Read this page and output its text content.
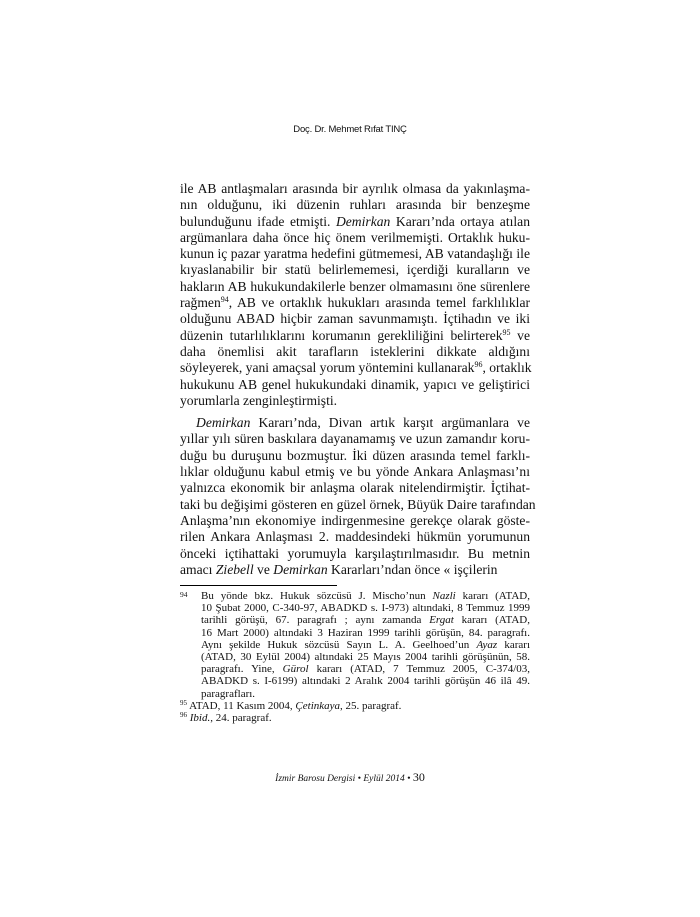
Doç. Dr. Mehmet Rıfat TINÇ
ile AB antlaşmaları arasında bir ayrılık olmasa da yakınlaşma-
nın olduğunu, iki düzenin ruhları arasında bir benzeşme
bulunduğunu ifade etmişti. Demirkan Kararı’nda ortaya atılan
argümanlara daha önce hiç önem verilmemişti. Ortaklık huku-
kunun iç pazar yaratma hedefini gütmemesi, AB vatandaşlığı ile
kıyaslanabilir bir statü belirlememesi, içerdiği kuralların ve
hakların AB hukukundakilerle benzer olmamasını öne sürenlere
rağmen$^{94}$, AB ve ortaklık hukukları arasında temel farklılıklar
olduğunu ABAD hiçbir zaman savunmamıştı. İçtihadın ve iki
düzenin tutarlılıklarını korumanın gerekliliğini belirterek$^{95}$ ve
daha önemlisi akit tarafların isteklerini dikkate aldığını
söyleyerek, yani amaçsal yorum yöntemini kullanarak$^{96}$, ortaklık
hukukunu AB genel hukukundaki dinamik, yapıcı ve geliştirici
yorumlarla zenginleştirmişti.
Demirkan Kararı’nda, Divan artık karşıt argümanlara ve
yıllar yılı süren baskılara dayanamamış ve uzun zamandır koru-
duğu bu duruşunu bozmuştur. İki düzen arasında temel farklı-
lıklar olduğunu kabul etmiş ve bu yönde Ankara Anlaşması’nı
yalnızca ekonomik bir anlaşma olarak nitelendirmiştir. İçtihat-
taki bu değişimi gösteren en güzel örnek, Büyük Daire tarafından
Anlaşma’nın ekonomiye indirgenmesine gerekçe olarak göste-
rilen Ankara Anlaşması 2. maddesindeki hükmün yorumunun
önceki içtihattaki yorumuyla karşılaştırılmasıdır. Bu metnin
amacı Ziebell ve Demirkan Kararları’ndan önce « işçilerin
94 Bu yönde bkz. Hukuk sözcüsü J. Mischo’nun Nazli kararı (ATAD,
10 Şubat 2000, C-340-97, ABADKD s. I-973) altındaki, 8 Temmuz 1999
tarihli görüşü, 67. paragrafı ; aynı zamanda Ergat kararı (ATAD,
16 Mart 2000) altındaki 3 Haziran 1999 tarihli görüşün, 84. paragrafı.
Aynı şekilde Hukuk sözcüsü Sayın L. A. Geelhoed’un Ayaz kararı
(ATAD, 30 Eylül 2004) altındaki 25 Mayıs 2004 tarihli görüşünün, 58.
paragrafı. Yine, Gürol kararı (ATAD, 7 Temmuz 2005, C-374/03,
ABADKD s. I-6199) altındaki 2 Aralık 2004 tarihli görüşün 46 ilâ 49.
paragrafları.
$^{95}$ ATAD, 11 Kasım 2004, Çetinkaya, 25. paragraf.
$^{96}$ Ibid., 24. paragraf.
İzmir Barosu Dergisi • Eylül 2014 • 30
